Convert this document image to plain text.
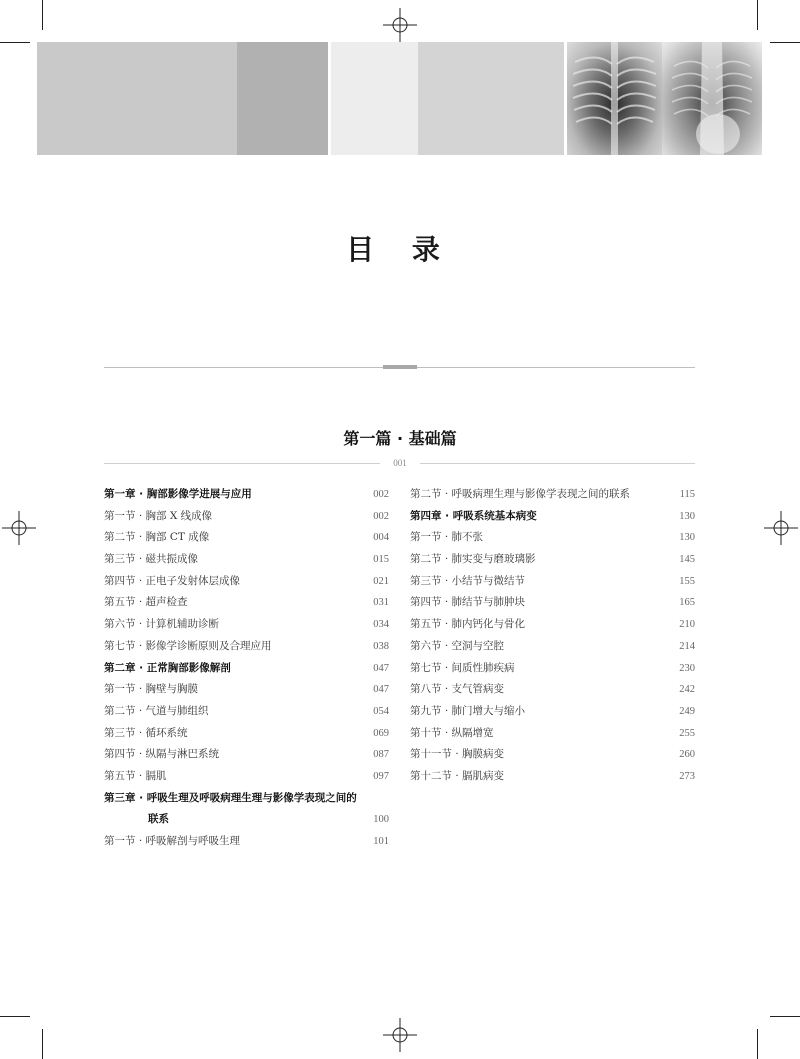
目 录
第一篇 · 基础篇
001
第一章 · 胸部影像学进展与应用	002
第一节 · 胸部 X 线成像	002
第二节 · 胸部 CT 成像	004
第三节 · 磁共振成像	015
第四节 · 正电子发射体层成像	021
第五节 · 超声检查	031
第六节 · 计算机辅助诊断	034
第七节 · 影像学诊断原则及合理应用	038
第二章 · 正常胸部影像解剖	047
第一节 · 胸壁与胸膜	047
第二节 · 气道与肺组织	054
第三节 · 循环系统	069
第四节 · 纵隔与淋巴系统	087
第五节 · 膈肌	097
第三章 · 呼吸生理及呼吸病理生理与影像学表现之间的
联系	100
第一节 · 呼吸解剖与呼吸生理	101
第二节 · 呼吸病理生理与影像学表现之间的联系	115
第四章 · 呼吸系统基本病变	130
第一节 · 肺不张	130
第二节 · 肺实变与磨玻璃影	145
第三节 · 小结节与微结节	155
第四节 · 肺结节与肺肿块	165
第五节 · 肺内钙化与骨化	210
第六节 · 空洞与空腔	214
第七节 · 间质性肺疾病	230
第八节 · 支气管病变	242
第九节 · 肺门增大与缩小	249
第十节 · 纵隔增宽	255
第十一节 · 胸膜病变	260
第十二节 · 膈肌病变	273
